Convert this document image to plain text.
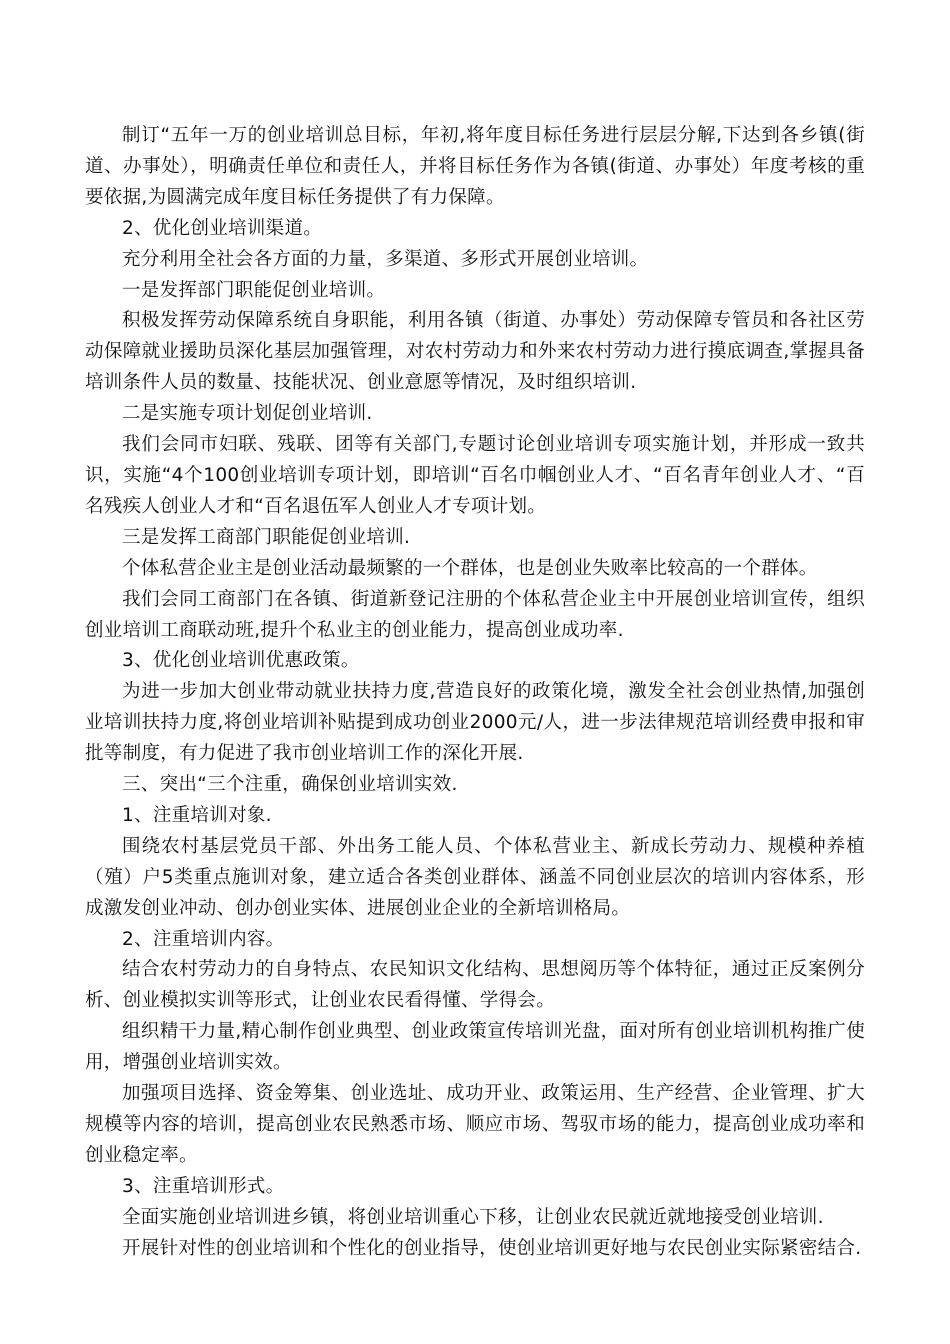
制订“五年一万的创业培训总目标，年初,将年度目标任务进行层层分解,下达到各乡镇(街道、办事处），明确责任单位和责任人，并将目标任务作为各镇(街道、办事处）年度考核的重要依据,为圆满完成年度目标任务提供了有力保障。

2、优化创业培训渠道。

充分利用全社会各方面的力量，多渠道、多形式开展创业培训。

一是发挥部门职能促创业培训。

积极发挥劳动保障系统自身职能，利用各镇（街道、办事处）劳动保障专管员和各社区劳动保障就业援助员深化基层加强管理，对农村劳动力和外来农村劳动力进行摸底调查,掌握具备培训条件人员的数量、技能状况、创业意愿等情况，及时组织培训.

二是实施专项计划促创业培训.

我们会同市妇联、残联、团等有关部门,专题讨论创业培训专项实施计划，并形成一致共识，实施“4个100创业培训专项计划，即培训“百名巾帼创业人才、“百名青年创业人才、“百名残疾人创业人才和“百名退伍军人创业人才专项计划。

三是发挥工商部门职能促创业培训.

个体私营企业主是创业活动最频繁的一个群体，也是创业失败率比较高的一个群体。

我们会同工商部门在各镇、街道新登记注册的个体私营企业主中开展创业培训宣传，组织创业培训工商联动班,提升个私业主的创业能力，提高创业成功率.

3、优化创业培训优惠政策。

为进一步加大创业带动就业扶持力度,营造良好的政策化境，激发全社会创业热情,加强创业培训扶持力度,将创业培训补贴提到成功创业2000元/人，进一步法律规范培训经费申报和审批等制度，有力促进了我市创业培训工作的深化开展.

三、突出“三个注重，确保创业培训实效.

1、注重培训对象.

围绕农村基层党员干部、外出务工能人员、个体私营业主、新成长劳动力、规模种养植（殖）户5类重点施训对象，建立适合各类创业群体、涵盖不同创业层次的培训内容体系，形成激发创业冲动、创办创业实体、进展创业企业的全新培训格局。

2、注重培训内容。

结合农村劳动力的自身特点、农民知识文化结构、思想阅历等个体特征，通过正反案例分析、创业模拟实训等形式，让创业农民看得懂、学得会。

组织精干力量,精心制作创业典型、创业政策宣传培训光盘，面对所有创业培训机构推广使用，增强创业培训实效。

加强项目选择、资金筹集、创业选址、成功开业、政策运用、生产经营、企业管理、扩大规模等内容的培训，提高创业农民熟悉市场、顺应市场、驾驭市场的能力，提高创业成功率和创业稳定率。

3、注重培训形式。

全面实施创业培训进乡镇，将创业培训重心下移，让创业农民就近就地接受创业培训.

开展针对性的创业培训和个性化的创业指导，使创业培训更好地与农民创业实际紧密结合.
